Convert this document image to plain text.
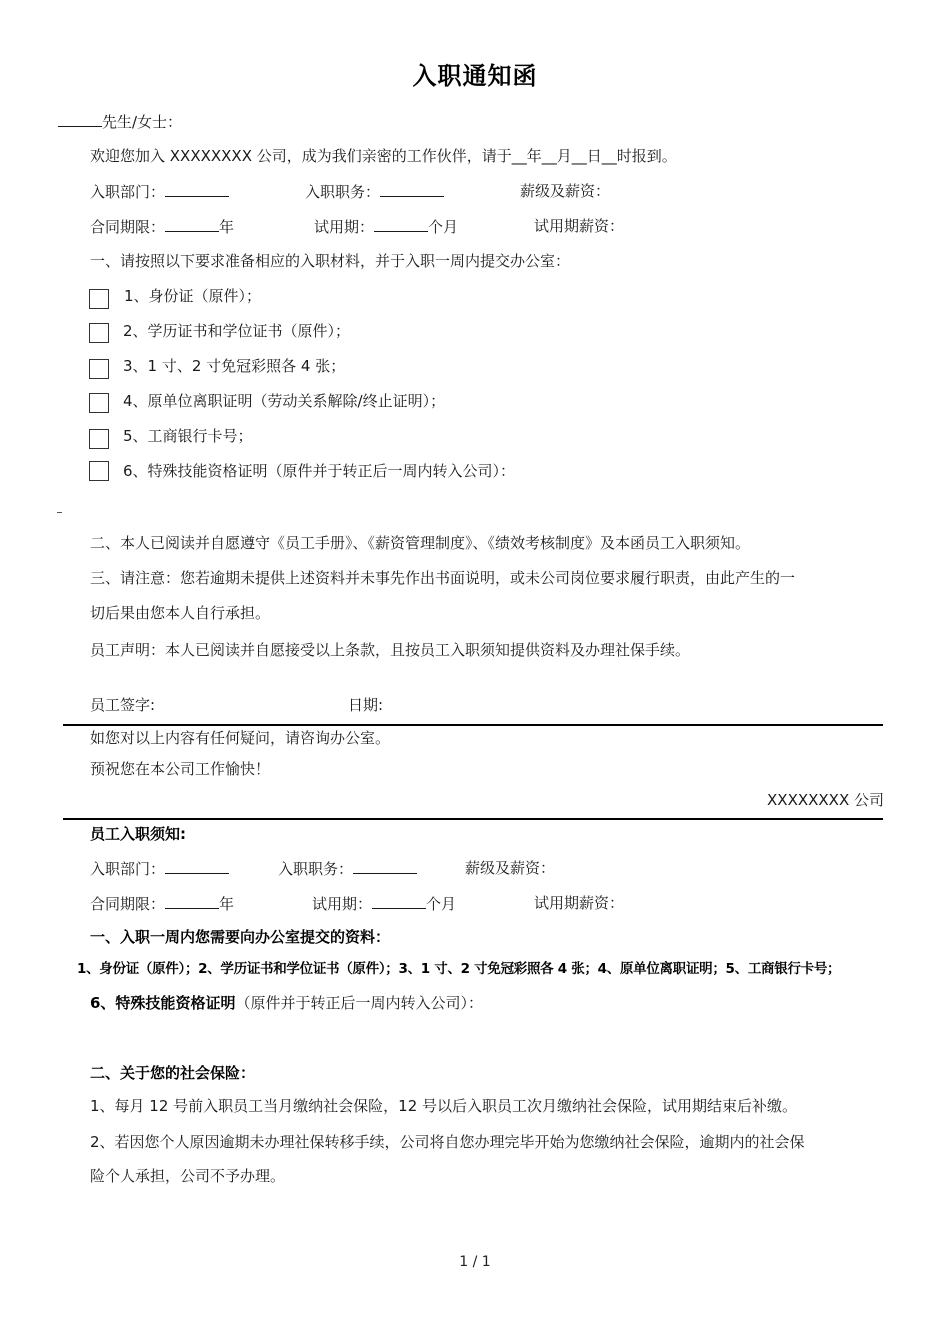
入职通知函
先生/女士：
欢迎您加入 XXXXXXXX 公司，成为我们亲密的工作伙伴，请于__年__月__日__时报到。
入职部门：	入职职务：	薪级及薪资：
合同期限：	年	试用期：	个月	试用期薪资：
一、请按照以下要求准备相应的入职材料，并于入职一周内提交办公室：
1、身份证（原件）；
2、学历证书和学位证书（原件）；
3、1 寸、2 寸免冠彩照各 4 张；
4、原单位离职证明（劳动关系解除/终止证明）；
5、工商银行卡号；
6、特殊技能资格证明（原件并于转正后一周内转入公司）：
二、本人已阅读并自愿遵守《员工手册》、《薪资管理制度》、《绩效考核制度》及本函员工入职须知。
三、请注意：您若逾期未提供上述资料并未事先作出书面说明，或未公司岗位要求履行职责，由此产生的一
切后果由您本人自行承担。
员工声明：本人已阅读并自愿接受以上条款，且按员工入职须知提供资料及办理社保手续。
员工签字:	日期:
如您对以上内容有任何疑问，请咨询办公室。
预祝您在本公司工作愉快！
XXXXXXXX 公司
员工入职须知:
入职部门：	入职职务：	薪级及薪资：
合同期限：	年	试用期：	个月	试用期薪资：
一、入职一周内您需要向办公室提交的资料：
1、身份证（原件）；2、学历证书和学位证书（原件）；3、1 寸、2 寸免冠彩照各 4 张；4、原单位离职证明；5、工商银行卡号；
6、特殊技能资格证明（原件并于转正后一周内转入公司）：
二、关于您的社会保险：
1、每月 12 号前入职员工当月缴纳社会保险，12 号以后入职员工次月缴纳社会保险，试用期结束后补缴。
2、若因您个人原因逾期未办理社保转移手续，公司将自您办理完毕开始为您缴纳社会保险，逾期内的社会保
险个人承担，公司不予办理。
1 / 1
